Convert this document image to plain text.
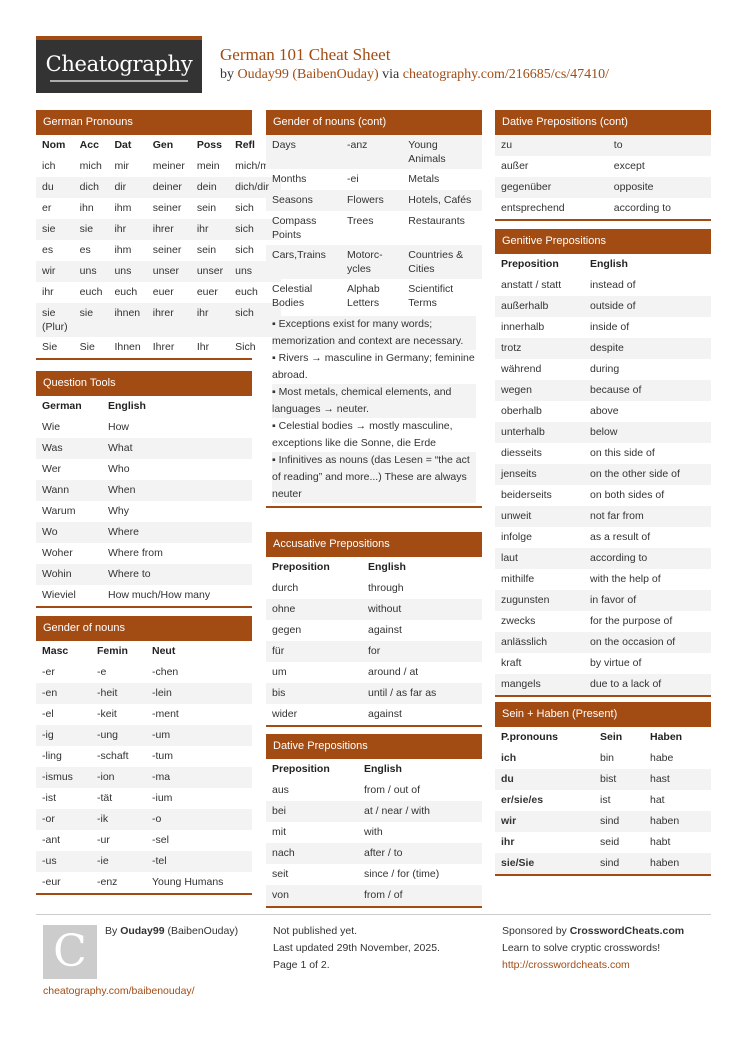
Cheatography	German 101 Cheat Sheet
by Ouday99 (BaibenOuday) via cheatography.com/216685/cs/47410/
German Pronouns
Nom	Acc	Dat	Gen	Poss	Refl
ich	mich	mir	meiner	mein	mich/mir
du	dich	dir	deiner	dein	dich/dir
er	ihn	ihm	seiner	sein	sich
sie	sie	ihr	ihrer	ihr	sich
es	es	ihm	seiner	sein	sich
wir	uns	uns	unser	unser	uns
ihr	euch	euch	euer	euer	euch
sie (Plur)	sie	ihnen	ihrer	ihr	sich
Sie	Sie	Ihnen	Ihrer	Ihr	Sich
Question Tools
German	English
Wie	How
Was	What
Wer	Who
Wann	When
Warum	Why
Wo	Where
Woher	Where from
Wohin	Where to
Wieviel	How much/How many
Gender of nouns
Masc	Femin	Neut
-er	-e	-chen
-en	-heit	-lein
-el	-keit	-ment
-ig	-ung	-um
-ling	-schaft	-tum
-ismus	-ion	-ma
-ist	-tät	-ium
-or	-ik	-o
-ant	-ur	-sel
-us	-ie	-tel
-eur	-enz	Young Humans
Gender of nouns (cont)
Days	-anz	Young Animals
Months	-ei	Metals
Seasons	Flowers	Hotels, Cafés
Compass Points	Trees	Restaurants
Cars,Trains	Motorc-ycles	Countries & Cities
Celestial Bodies	Alphab Letters	Scientifict Terms

▪ Exceptions exist for many words; memorization and context are necessary.

▪ Rivers → masculine in Germany; feminine abroad.

▪ Most metals, chemical elements, and languages → neuter.

▪ Celestial bodies → mostly masculine, exceptions like die Sonne, die Erde

▪ Infinitives as nouns (das Lesen = “the act of reading” and more...) These are always neuter

Accusative Prepositions
Preposition	English
durch	through
ohne	without
gegen	against
für	for
um	around / at
bis	until / as far as
wider	against
Dative Prepositions
Preposition	English
aus	from / out of
bei	at / near / with
mit	with
nach	after / to
seit	since / for (time)
von	from / of
Dative Prepositions (cont)
zu	to
außer	except
gegenüber	opposite
entsprechend	according to
Genitive Prepositions
Preposition	English
anstatt / statt	instead of
außerhalb	outside of
innerhalb	inside of
trotz	despite
während	during
wegen	because of
oberhalb	above
unterhalb	below
diesseits	on this side of
jenseits	on the other side of
beiderseits	on both sides of
unweit	not far from
infolge	as a result of
laut	according to
mithilfe	with the help of
zugunsten	in favor of
zwecks	for the purpose of
anlässlich	on the occasion of
kraft	by virtue of
mangels	due to a lack of
Sein + Haben (Present)
P.pronouns	Sein	Haben
ich	bin	habe
du	bist	hast
er/sie/es	ist	hat
wir	sind	haben
ihr	seid	habt
sie/Sie	sind	haben
C	By Ouday99 (BaibenOuday)
cheatography.com/baibenouday/
Not published yet.
Last updated 29th November, 2025.
Page 1 of 2.
Sponsored by CrosswordCheats.com
Learn to solve cryptic crosswords!
http://crosswordcheats.com
